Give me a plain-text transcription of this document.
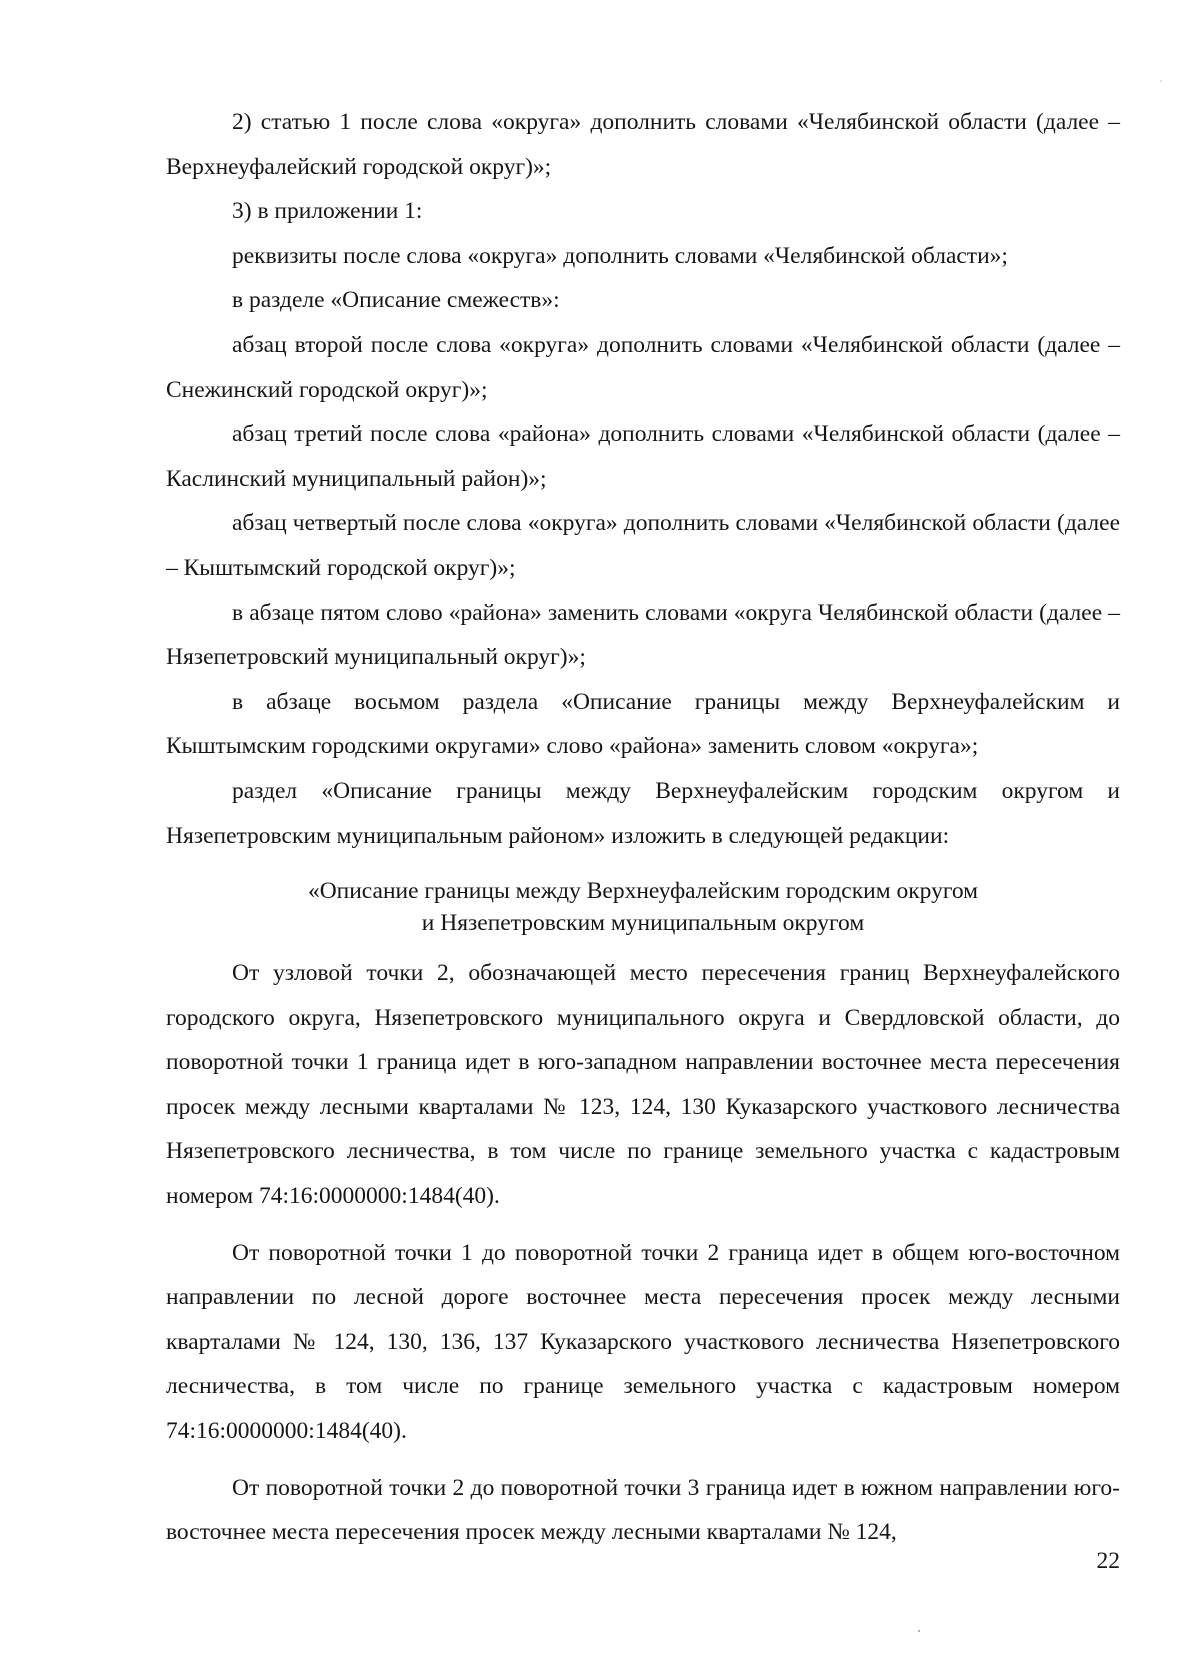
2) статью 1 после слова «округа» дополнить словами «Челябинской области (далее – Верхнеуфалейский городской округ)»;

3) в приложении 1:

реквизиты после слова «округа» дополнить словами «Челябинской области»;

в разделе «Описание смежеств»:

абзац второй после слова «округа» дополнить словами «Челябинской области (далее – Снежинский городской округ)»;

абзац третий после слова «района» дополнить словами «Челябинской области (далее – Каслинский муниципальный район)»;

абзац четвертый после слова «округа» дополнить словами «Челябинской области (далее – Кыштымский городской округ)»;

в абзаце пятом слово «района» заменить словами «округа Челябинской области (далее – Нязепетровский муниципальный округ)»;

в абзаце восьмом раздела «Описание границы между Верхнеуфалейским и Кыштымским городскими округами» слово «района» заменить словом «округа»;

раздел «Описание границы между Верхнеуфалейским городским округом и Нязепетровским муниципальным районом» изложить в следующей редакции:

«Описание границы между Верхнеуфалейским городским округом
и Нязепетровским муниципальным округом

От узловой точки 2, обозначающей место пересечения границ Верхнеуфалейского городского округа, Нязепетровского муниципального округа и Свердловской области, до поворотной точки 1 граница идет в юго-западном направлении восточнее места пересечения просек между лесными кварталами № 123, 124, 130 Куказарского участкового лесничества Нязепетровского лесничества, в том числе по границе земельного участка с кадастровым номером 74:16:0000000:1484(40).

От поворотной точки 1 до поворотной точки 2 граница идет в общем юго-восточном направлении по лесной дороге восточнее места пересечения просек между лесными кварталами № 124, 130, 136, 137 Куказарского участкового лесничества Нязепетровского лесничества, в том числе по границе земельного участка с кадастровым номером 74:16:0000000:1484(40).

От поворотной точки 2 до поворотной точки 3 граница идет в южном направлении юго-восточнее места пересечения просек между лесными кварталами № 124,

22
